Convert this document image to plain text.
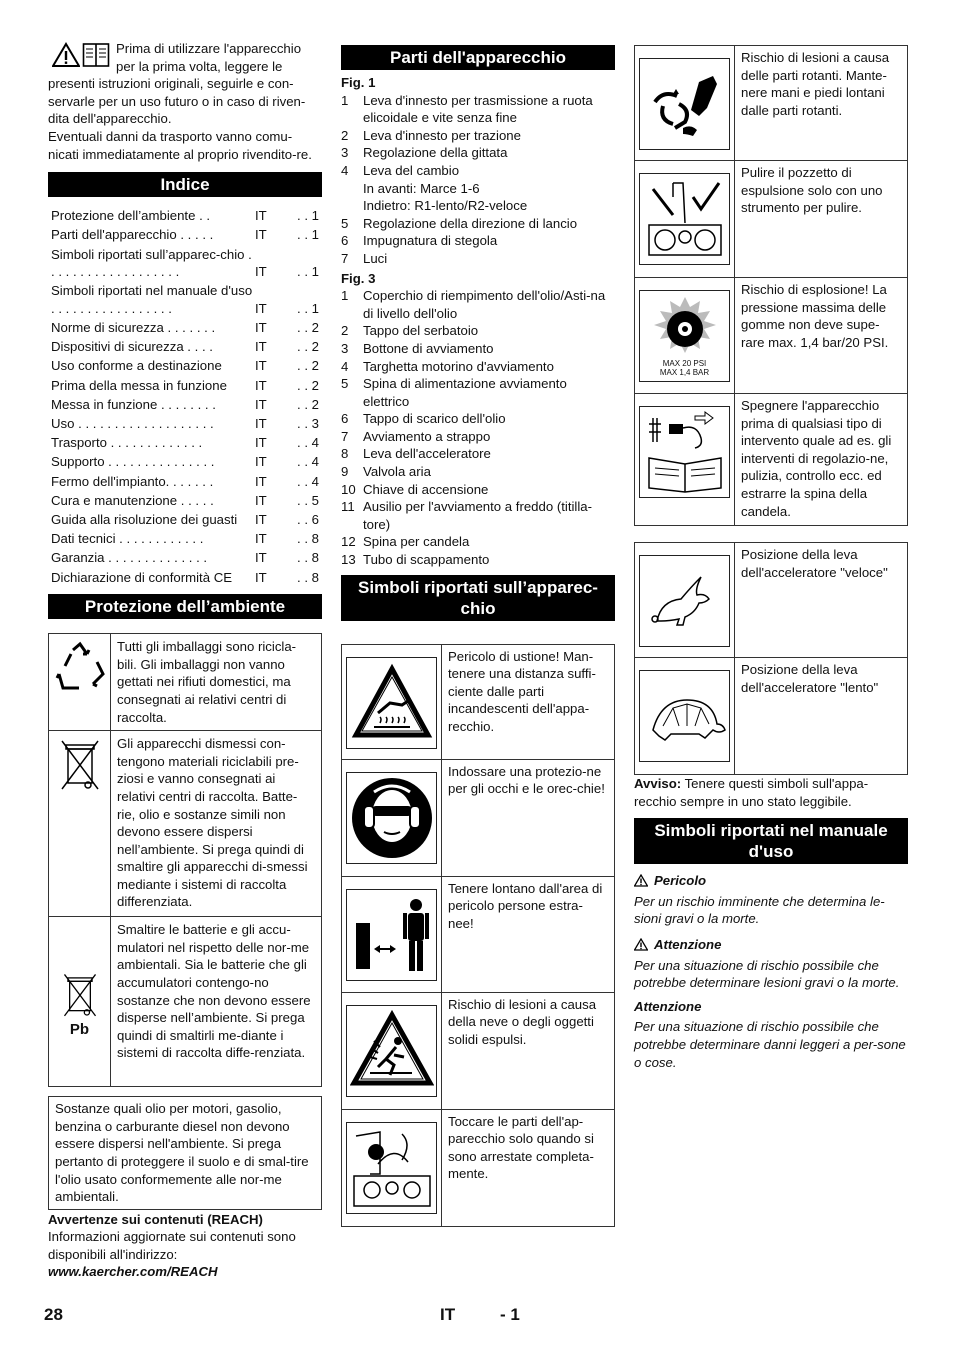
Prima di utilizzare l'apparecchio per la prima volta, leggere le presenti istruzioni originali, seguirle e con-servarle per un uso futuro o in caso di riven-dita dell'apparecchio.

Eventuali danni da trasporto vanno comu-nicati immediatamente al proprio rivendito-re.

Indice
Protezione dell’ambiente . .	IT	. . 1
Parti dell'apparecchio . . . . .	IT	. . 1
Simboli riportati sull’apparec-chio . . . . . . . . . . . . . . . . . . .	IT	. . 1
Simboli riportati nel manuale d'uso . . . . . . . . . . . . . . . . .	IT	. . 1
Norme di sicurezza . . . . . . .	IT	. . 2
Dispositivi di sicurezza . . . .	IT	. . 2
Uso conforme a destinazione	IT	. . 2
Prima della messa in funzione	IT	. . 2
Messa in funzione . . . . . . . .	IT	. . 2
Uso . . . . . . . . . . . . . . . . . . .	IT	. . 3
Trasporto . . . . . . . . . . . . .	IT	. . 4
Supporto . . . . . . . . . . . . . . .	IT	. . 4
Fermo dell'impianto. . . . . . .	IT	. . 4
Cura e manutenzione . . . . .	IT	. . 5
Guida alla risoluzione dei guasti	IT	. . 6
Dati tecnici . . . . . . . . . . . .	IT	. . 8
Garanzia . . . . . . . . . . . . . .	IT	. . 8
Dichiarazione di conformità CE	IT	. . 8
Protezione dell’ambiente
Tutti gli imballaggi sono ricicla-bili. Gli imballaggi non vanno gettati nei rifiuti domestici, ma consegnati ai relativi centri di raccolta.
Gli apparecchi dismessi con-tengono materiali riciclabili pre-ziosi e vanno consegnati ai relativi centri di raccolta. Batte-rie, olio e sostanze simili non devono essere dispersi nell’ambiente. Si prega quindi di smaltire gli apparecchi di-smessi mediante i sistemi di raccolta differenziata.
Pb
Smaltire le batterie e gli accu-mulatori nel rispetto delle nor-me ambientali. Sia le batterie che gli accumulatori contengo-no sostanze che non devono essere disperse nell’ambiente. Si prega quindi di smaltirli me-diante i sistemi di raccolta diffe-renziata.
Sostanze quali olio per motori, gasolio, benzina o carburante diesel non devono essere dispersi nell'ambiente. Si prega pertanto di proteggere il suolo e di smal-tire l'olio usato conformemente alle nor-me ambientali.

Avvertenze sui contenuti (REACH)

Informazioni aggiornate sui contenuti sono disponibili all'indirizzo:

www.kaercher.com/REACH

Parti dell'apparecchio

Fig. 1

1	Leva d'innesto per trasmissione a ruota elicoidale e vite senza fine
2	Leva d'innesto per trazione
3	Regolazione della gittata
4	Leva del cambio
In avanti: Marce 1-6
Indietro: R1-lento/R2-veloce
5	Regolazione della direzione di lancio
6	Impugnatura di stegola
7	Luci

Fig. 3

1	Coperchio di riempimento dell'olio/Asti-na di livello dell'olio
2	Tappo del serbatoio
3	Bottone di avviamento
4	Targhetta motorino d'avviamento
5	Spina di alimentazione avviamento elettrico
6	Tappo di scarico dell'olio
7	Avviamento a strappo
8	Leva dell'acceleratore
9	Valvola aria
10 Chiave di accensione
11 Ausilio per l'avviamento a freddo (titilla-tore)
12 Spina per candela
13 Tubo di scappamento
Simboli riportati sull’apparec-chio
Pericolo di ustione! Man-tenere una distanza suffi-ciente dalle parti incandescenti dell'appa-recchio.
Indossare una protezio-ne per gli occhi e le orec-chie!
Tenere lontano dall'area di pericolo persone estra-nee!
Rischio di lesioni a causa della neve o degli oggetti solidi espulsi.
Toccare le parti dell'ap-parecchio solo quando si sono arrestate completa-mente.
Rischio di lesioni a causa delle parti rotanti. Mante-nere mani e piedi lontani dalle parti rotanti.
Pulire il pozzetto di espulsione solo con uno strumento per pulire.
MAX 20 PSI
MAX 1,4 BAR
Rischio di esplosione! La pressione massima delle gomme non deve supe-rare max. 1,4 bar/20 PSI.
Spegnere l'apparecchio prima di qualsiasi tipo di intervento quale ad es. gli interventi di regolazio-ne, pulizia, controllo ecc. ed estrarre la spina della candela.
Posizione della leva dell'acceleratore "veloce"
Posizione della leva dell'acceleratore "lento"

Avviso: Tenere questi simboli sull'appa-recchio sempre in uno stato leggibile.

Simboli riportati nel manuale d'uso
Pericolo

Per un rischio imminente che determina le-sioni gravi o la morte.

Attenzione

Per una situazione di rischio possibile che potrebbe determinare lesioni gravi o la morte.

Attenzione

Per una situazione di rischio possibile che potrebbe determinare danni leggeri a per-sone o cose.

28	IT	- 1
